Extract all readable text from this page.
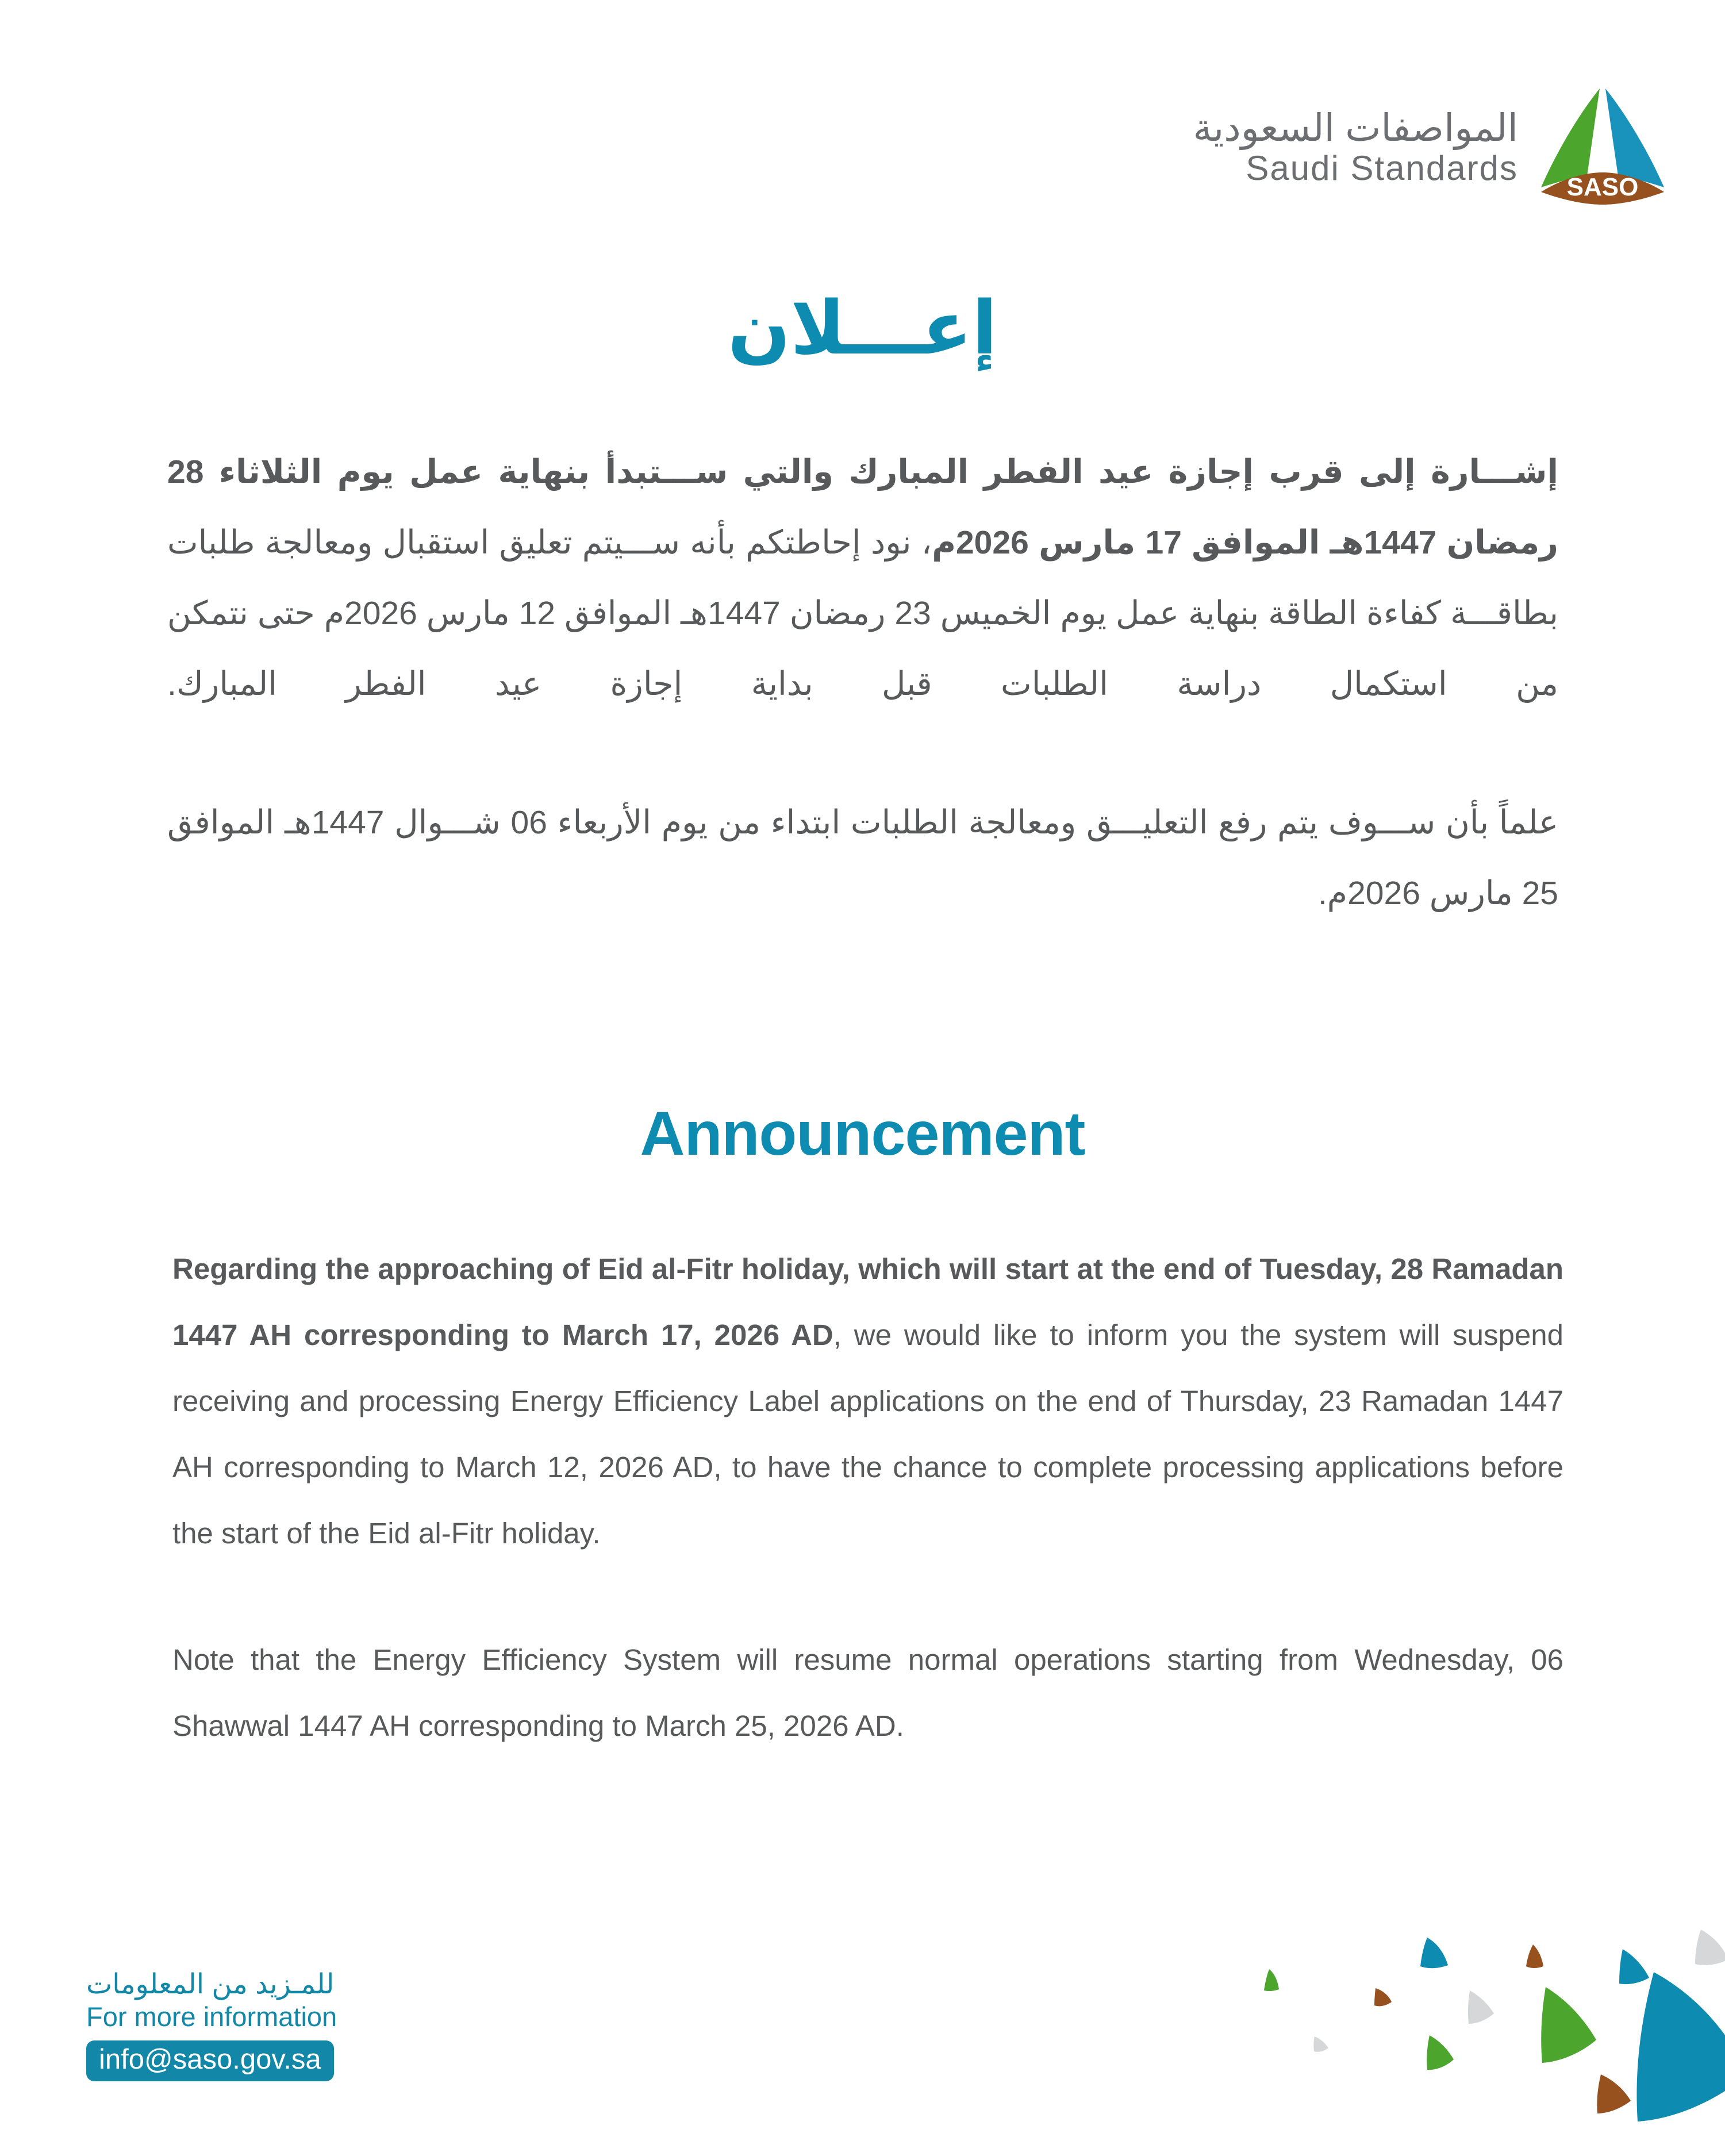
المواصفات السعودية
Saudi Standards SASO
إعـــلان

إشـــارة إلى قرب إجازة عيد الفطر المبارك والتي ســـتبدأ بنهاية عمل يوم الثلاثاء 28 رمضان 1447هـ الموافق 17 مارس 2026م، نود إحاطتكم بأنه ســـيتم تعليق استقبال ومعالجة طلبات بطاقـــة كفاءة الطاقة بنهاية عمل يوم الخميس 23 رمضان 1447هـ الموافق 12 مارس 2026م حتى نتمكن من استكمال دراسة الطلبات قبل بداية إجازة عيد الفطر المبارك.

علماً بأن ســـوف يتم رفع التعليـــق ومعالجة الطلبات ابتداء من يوم الأربعاء 06 شـــوال 1447هـ الموافق 25 مارس 2026م.

Announcement

Regarding the approaching of Eid al-Fitr holiday, which will start at the end of Tuesday, 28 Ramadan 1447 AH corresponding to March 17, 2026 AD, we would like to inform you the system will suspend receiving and processing Energy Efficiency Label applications on the end of Thursday, 23 Ramadan 1447 AH corresponding to March 12, 2026 AD, to have the chance to complete processing applications before the start of the Eid al-Fitr holiday.

Note that the Energy Efficiency System will resume normal operations starting from Wednesday, 06 Shawwal 1447 AH corresponding to March 25, 2026 AD.

للمـزيد من المعلومات
For more information
info@saso.gov.sa
